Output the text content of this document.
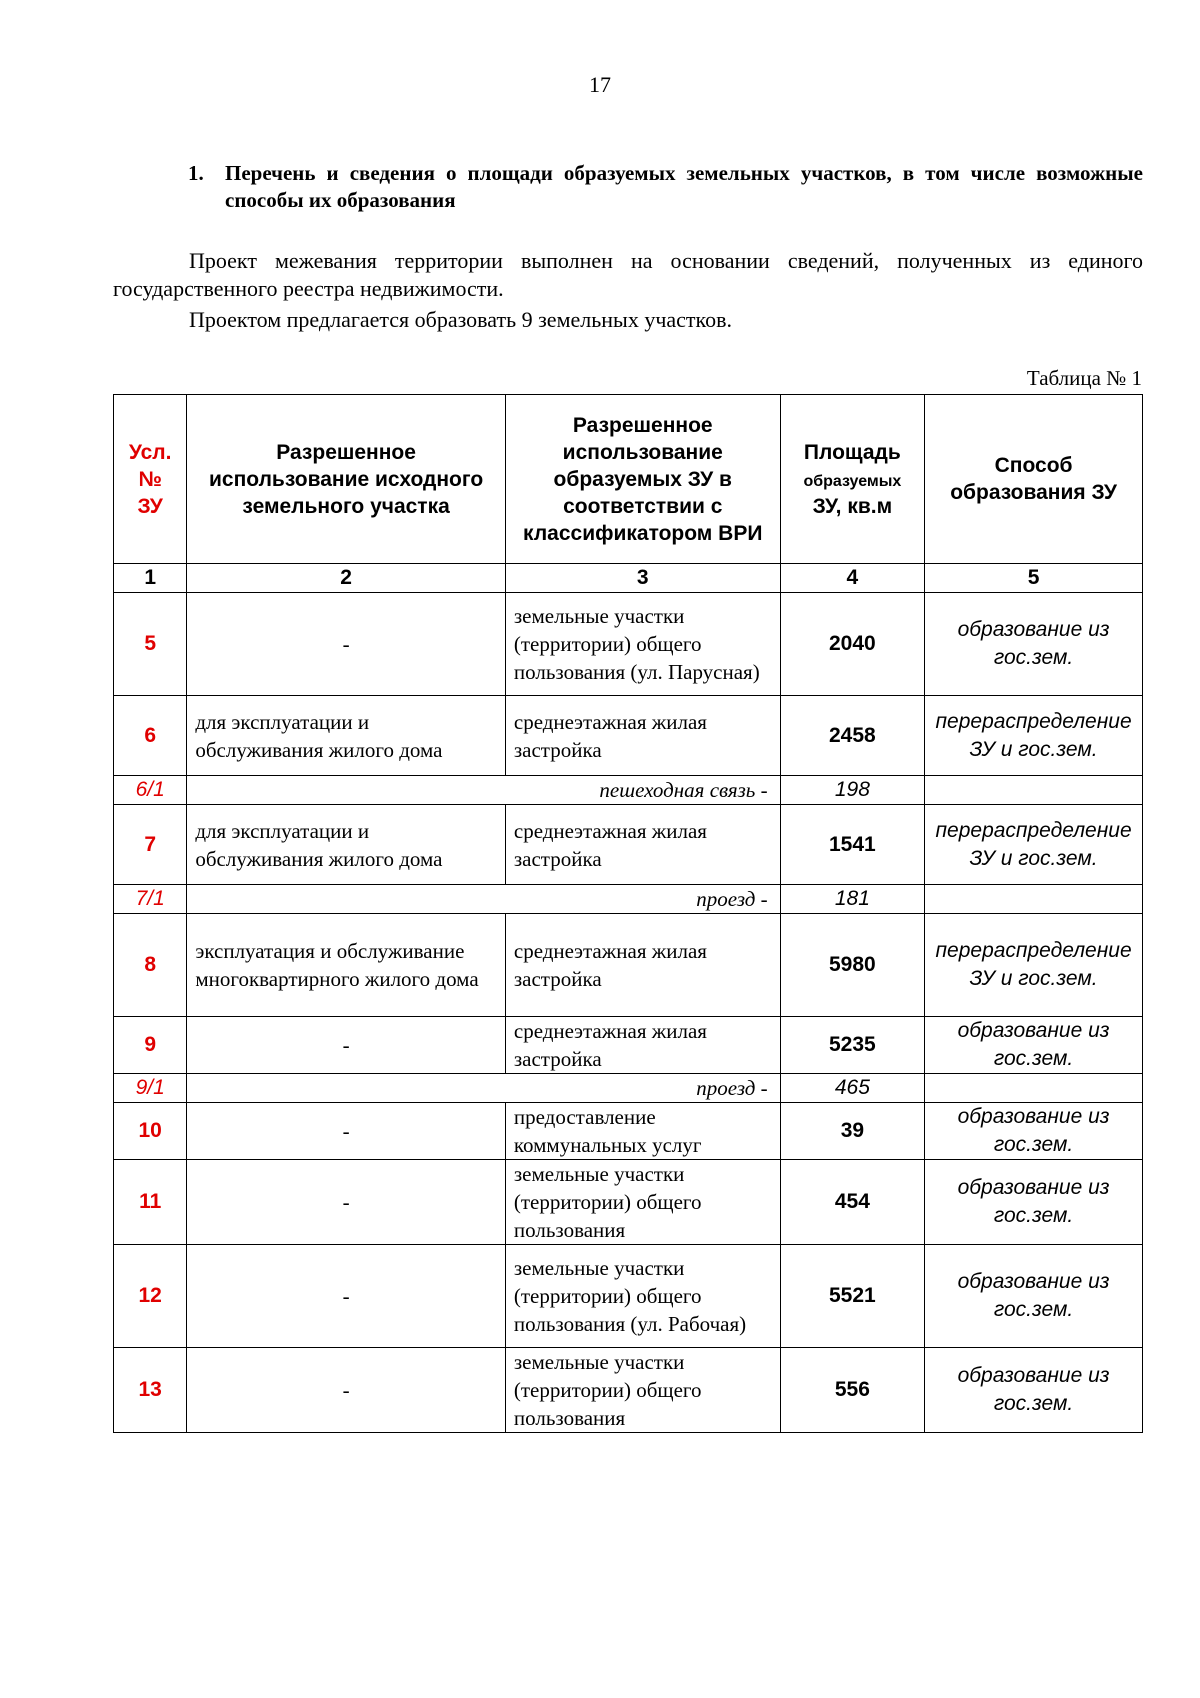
17
1. Перечень и сведения о площади образуемых земельных участков, в том числе возможные способы их образования
Проект межевания территории выполнен на основании сведений, полученных из единого государственного реестра недвижимости.
Проектом предлагается образовать 9 земельных участков.
Таблица № 1
Усл.
№
ЗУ	Разрешенное использование исходного земельного участка	Разрешенное использование образуемых ЗУ в соответствии с классификатором ВРИ	Площадь
образуемых
ЗУ, кв.м	Способ образования ЗУ
1	2	3	4	5
5	-	земельные участки (территории) общего пользования (ул. Парусная)	2040	образование из гос.зем.
6	для эксплуатации и обслуживания жилого дома	среднеэтажная жилая застройка	2458	перераспределение ЗУ и гос.зем.
6/1	пешеходная связь -		198	
7	для эксплуатации и обслуживания жилого дома	среднеэтажная жилая застройка	1541	перераспределение ЗУ и гос.зем.
7/1	проезд -		181	
8	эксплуатация и обслуживание многоквартирного жилого дома	среднеэтажная жилая застройка	5980	перераспределение ЗУ и гос.зем.
9	-	среднеэтажная жилая застройка	5235	образование из гос.зем.
9/1	проезд -		465	
10	-	предоставление коммунальных услуг	39	образование из гос.зем.
11	-	земельные участки (территории) общего пользования	454	образование из гос.зем.
12	-	земельные участки (территории) общего пользования (ул. Рабочая)	5521	образование из гос.зем.
13	-	земельные участки (территории) общего пользования	556	образование из гос.зем.
